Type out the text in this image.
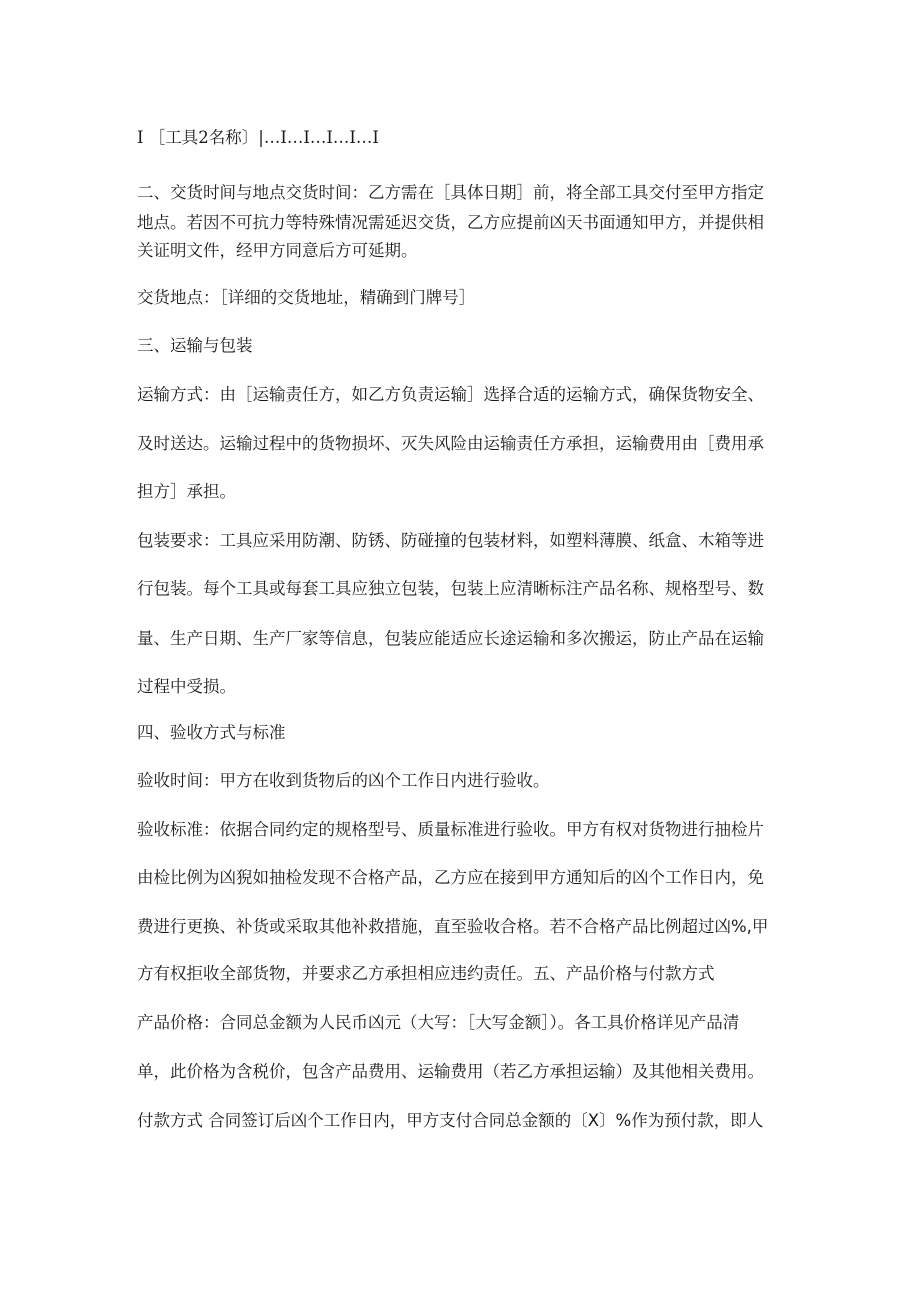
I ［工具2名称〕|…I…I…I…I…I
二、交货时间与地点交货时间：乙方需在［具体日期］前，将全部工具交付至甲方指定
地点。若因不可抗力等特殊情况需延迟交货，乙方应提前凶天书面通知甲方，并提供相
关证明文件，经甲方同意后方可延期。
交货地点：［详细的交货地址，精确到门牌号］
三、运输与包装
运输方式：由［运输责任方，如乙方负责运输］选择合适的运输方式，确保货物安全、
及时送达。运输过程中的货物损坏、灭失风险由运输责任方承担，运输费用由［费用承
担方］承担。
包装要求：工具应采用防潮、防锈、防碰撞的包装材料，如塑料薄膜、纸盒、木箱等进
行包装。每个工具或每套工具应独立包装，包装上应清晰标注产品名称、规格型号、数
量、生产日期、生产厂家等信息，包装应能适应长途运输和多次搬运，防止产品在运输
过程中受损。
四、验收方式与标准
验收时间：甲方在收到货物后的凶个工作日内进行验收。
验收标准：依据合同约定的规格型号、质量标准进行验收。甲方有权对货物进行抽检片
由检比例为凶猊如抽检发现不合格产品，乙方应在接到甲方通知后的凶个工作日内，免
费进行更换、补货或采取其他补救措施，直至验收合格。若不合格产品比例超过凶%,甲
方有权拒收全部货物，并要求乙方承担相应违约责任。五、产品价格与付款方式
产品价格：合同总金额为人民币凶元（大写：［大写金额］）。各工具价格详见产品清
单，此价格为含税价，包含产品费用、运输费用（若乙方承担运输）及其他相关费用。
付款方式 合同签订后凶个工作日内，甲方支付合同总金额的〔X〕%作为预付款，即人
